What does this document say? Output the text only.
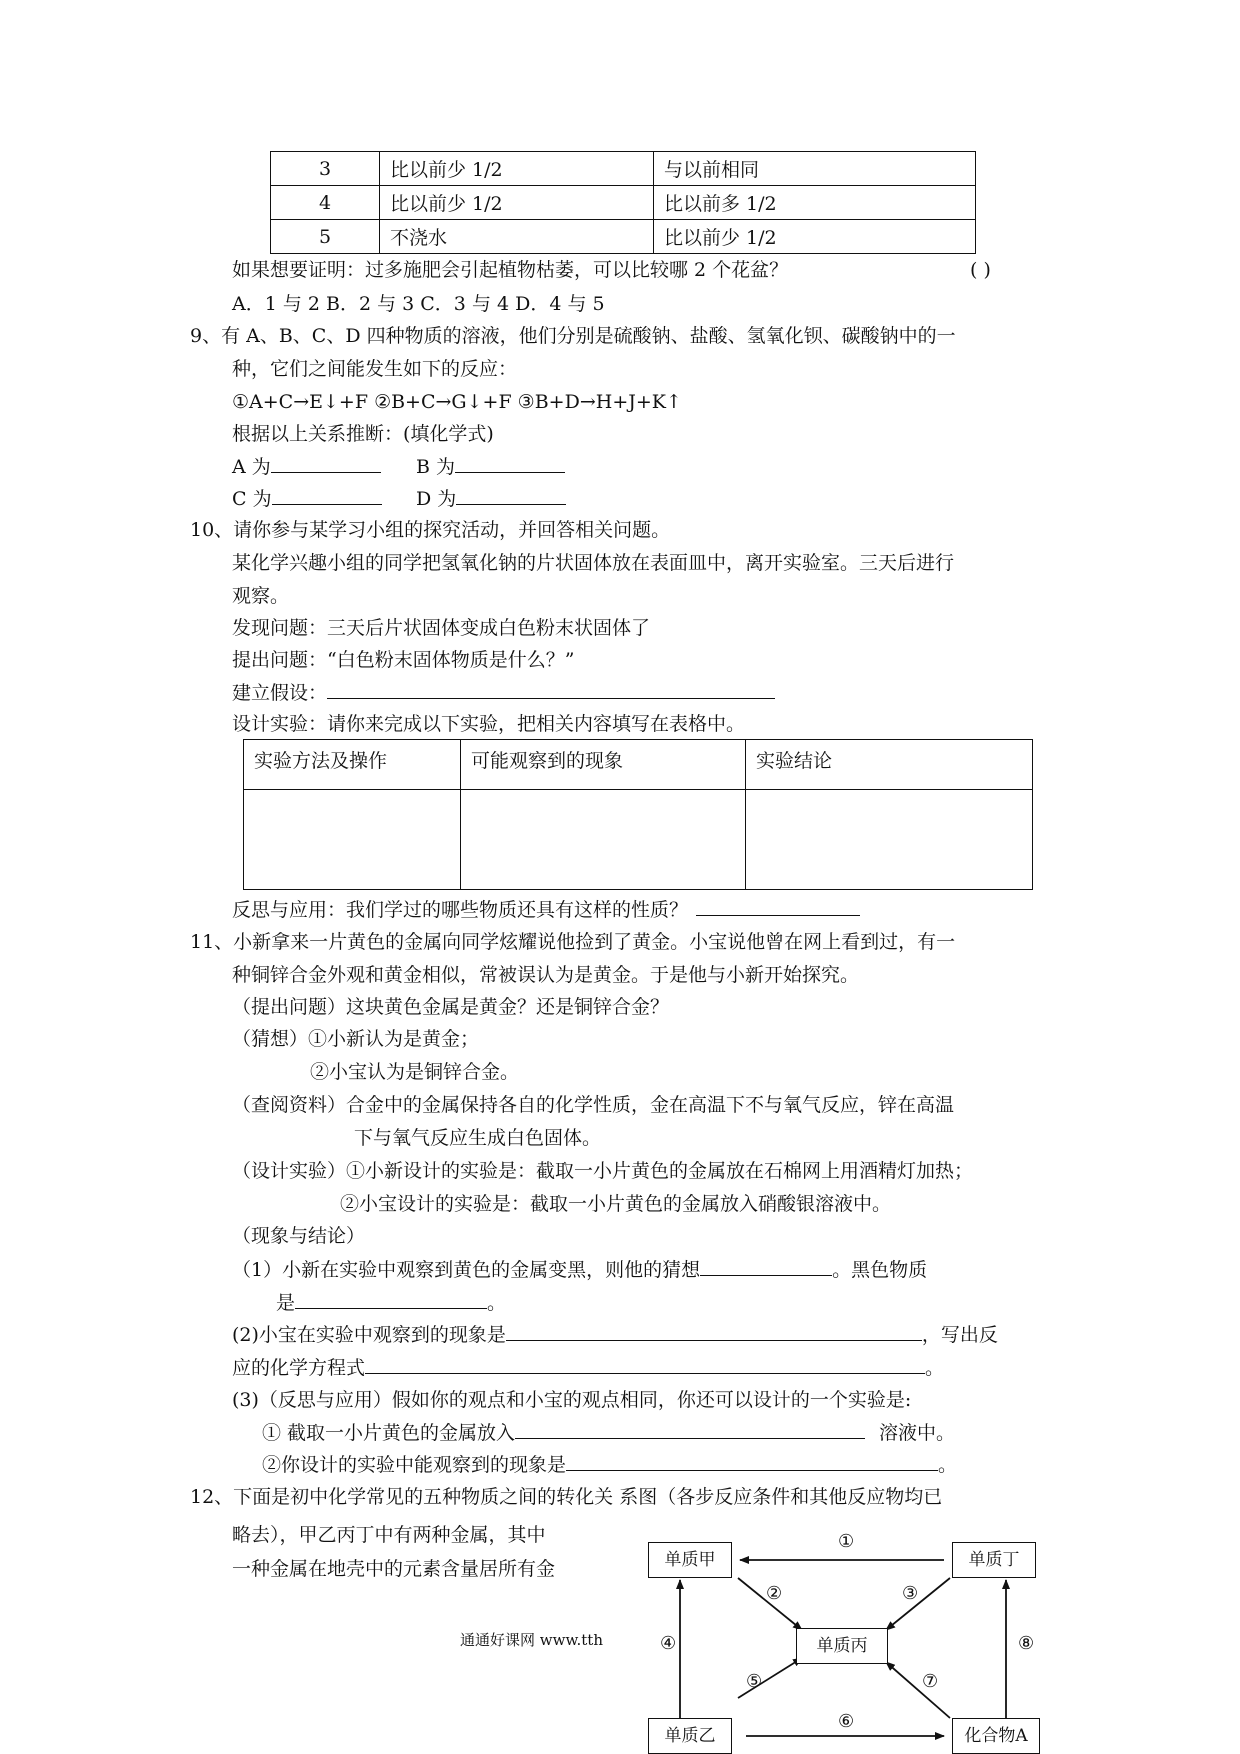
3	比以前少 1/2	与以前相同
4	比以前少 1/2	比以前多 1/2
5	不浇水	比以前少 1/2
如果想要证明：过多施肥会引起植物枯萎，可以比较哪 2 个花盆？	( )
A．1 与 2 B．2 与 3 C．3 与 4 D．4 与 5
9、有 A、B、C、D 四种物质的溶液，他们分别是硫酸钠、盐酸、氢氧化钡、碳酸钠中的一
种，它们之间能发生如下的反应：
①A+C→E↓+F ②B+C→G↓+F ③B+D→H+J+K↑
根据以上关系推断：(填化学式)
A 为	B 为
C 为	D 为
10、请你参与某学习小组的探究活动，并回答相关问题。
某化学兴趣小组的同学把氢氧化钠的片状固体放在表面皿中，离开实验室。三天后进行
观察。
发现问题：三天后片状固体变成白色粉末状固体了
提出问题：“白色粉末固体物质是什么？”
建立假设：
设计实验：请你来完成以下实验，把相关内容填写在表格中。
实验方法及操作	可能观察到的现象	实验结论

反思与应用：我们学过的哪些物质还具有这样的性质？
11、小新拿来一片黄色的金属向同学炫耀说他捡到了黄金。小宝说他曾在网上看到过，有一
种铜锌合金外观和黄金相似，常被误认为是黄金。于是他与小新开始探究。
（提出问题）这块黄色金属是黄金？还是铜锌合金？
（猜想）①小新认为是黄金；
②小宝认为是铜锌合金。
（查阅资料）合金中的金属保持各自的化学性质，金在高温下不与氧气反应，锌在高温
下与氧气反应生成白色固体。
（设计实验）①小新设计的实验是：截取一小片黄色的金属放在石棉网上用酒精灯加热；
②小宝设计的实验是：截取一小片黄色的金属放入硝酸银溶液中。
（现象与结论）
（1）小新在实验中观察到黄色的金属变黑，则他的猜想	。黑色物质
是	。
(2)小宝在实验中观察到的现象是	，写出反
应的化学方程式	。
(3)（反思与应用）假如你的观点和小宝的观点相同，你还可以设计的一个实验是:
① 截取一小片黄色的金属放入	溶液中。
②你设计的实验中能观察到的现象是	。
12、下面是初中化学常见的五种物质之间的转化关 系图（各步反应条件和其他反应物均已
略去），甲乙丙丁中有两种金属，其中
一种金属在地壳中的元素含量居所有金
通通好课网 www.tth
单质甲	单质丁
单质丙
单质乙	化合物A
①
②	③
④
⑤
⑥
⑦
⑧
